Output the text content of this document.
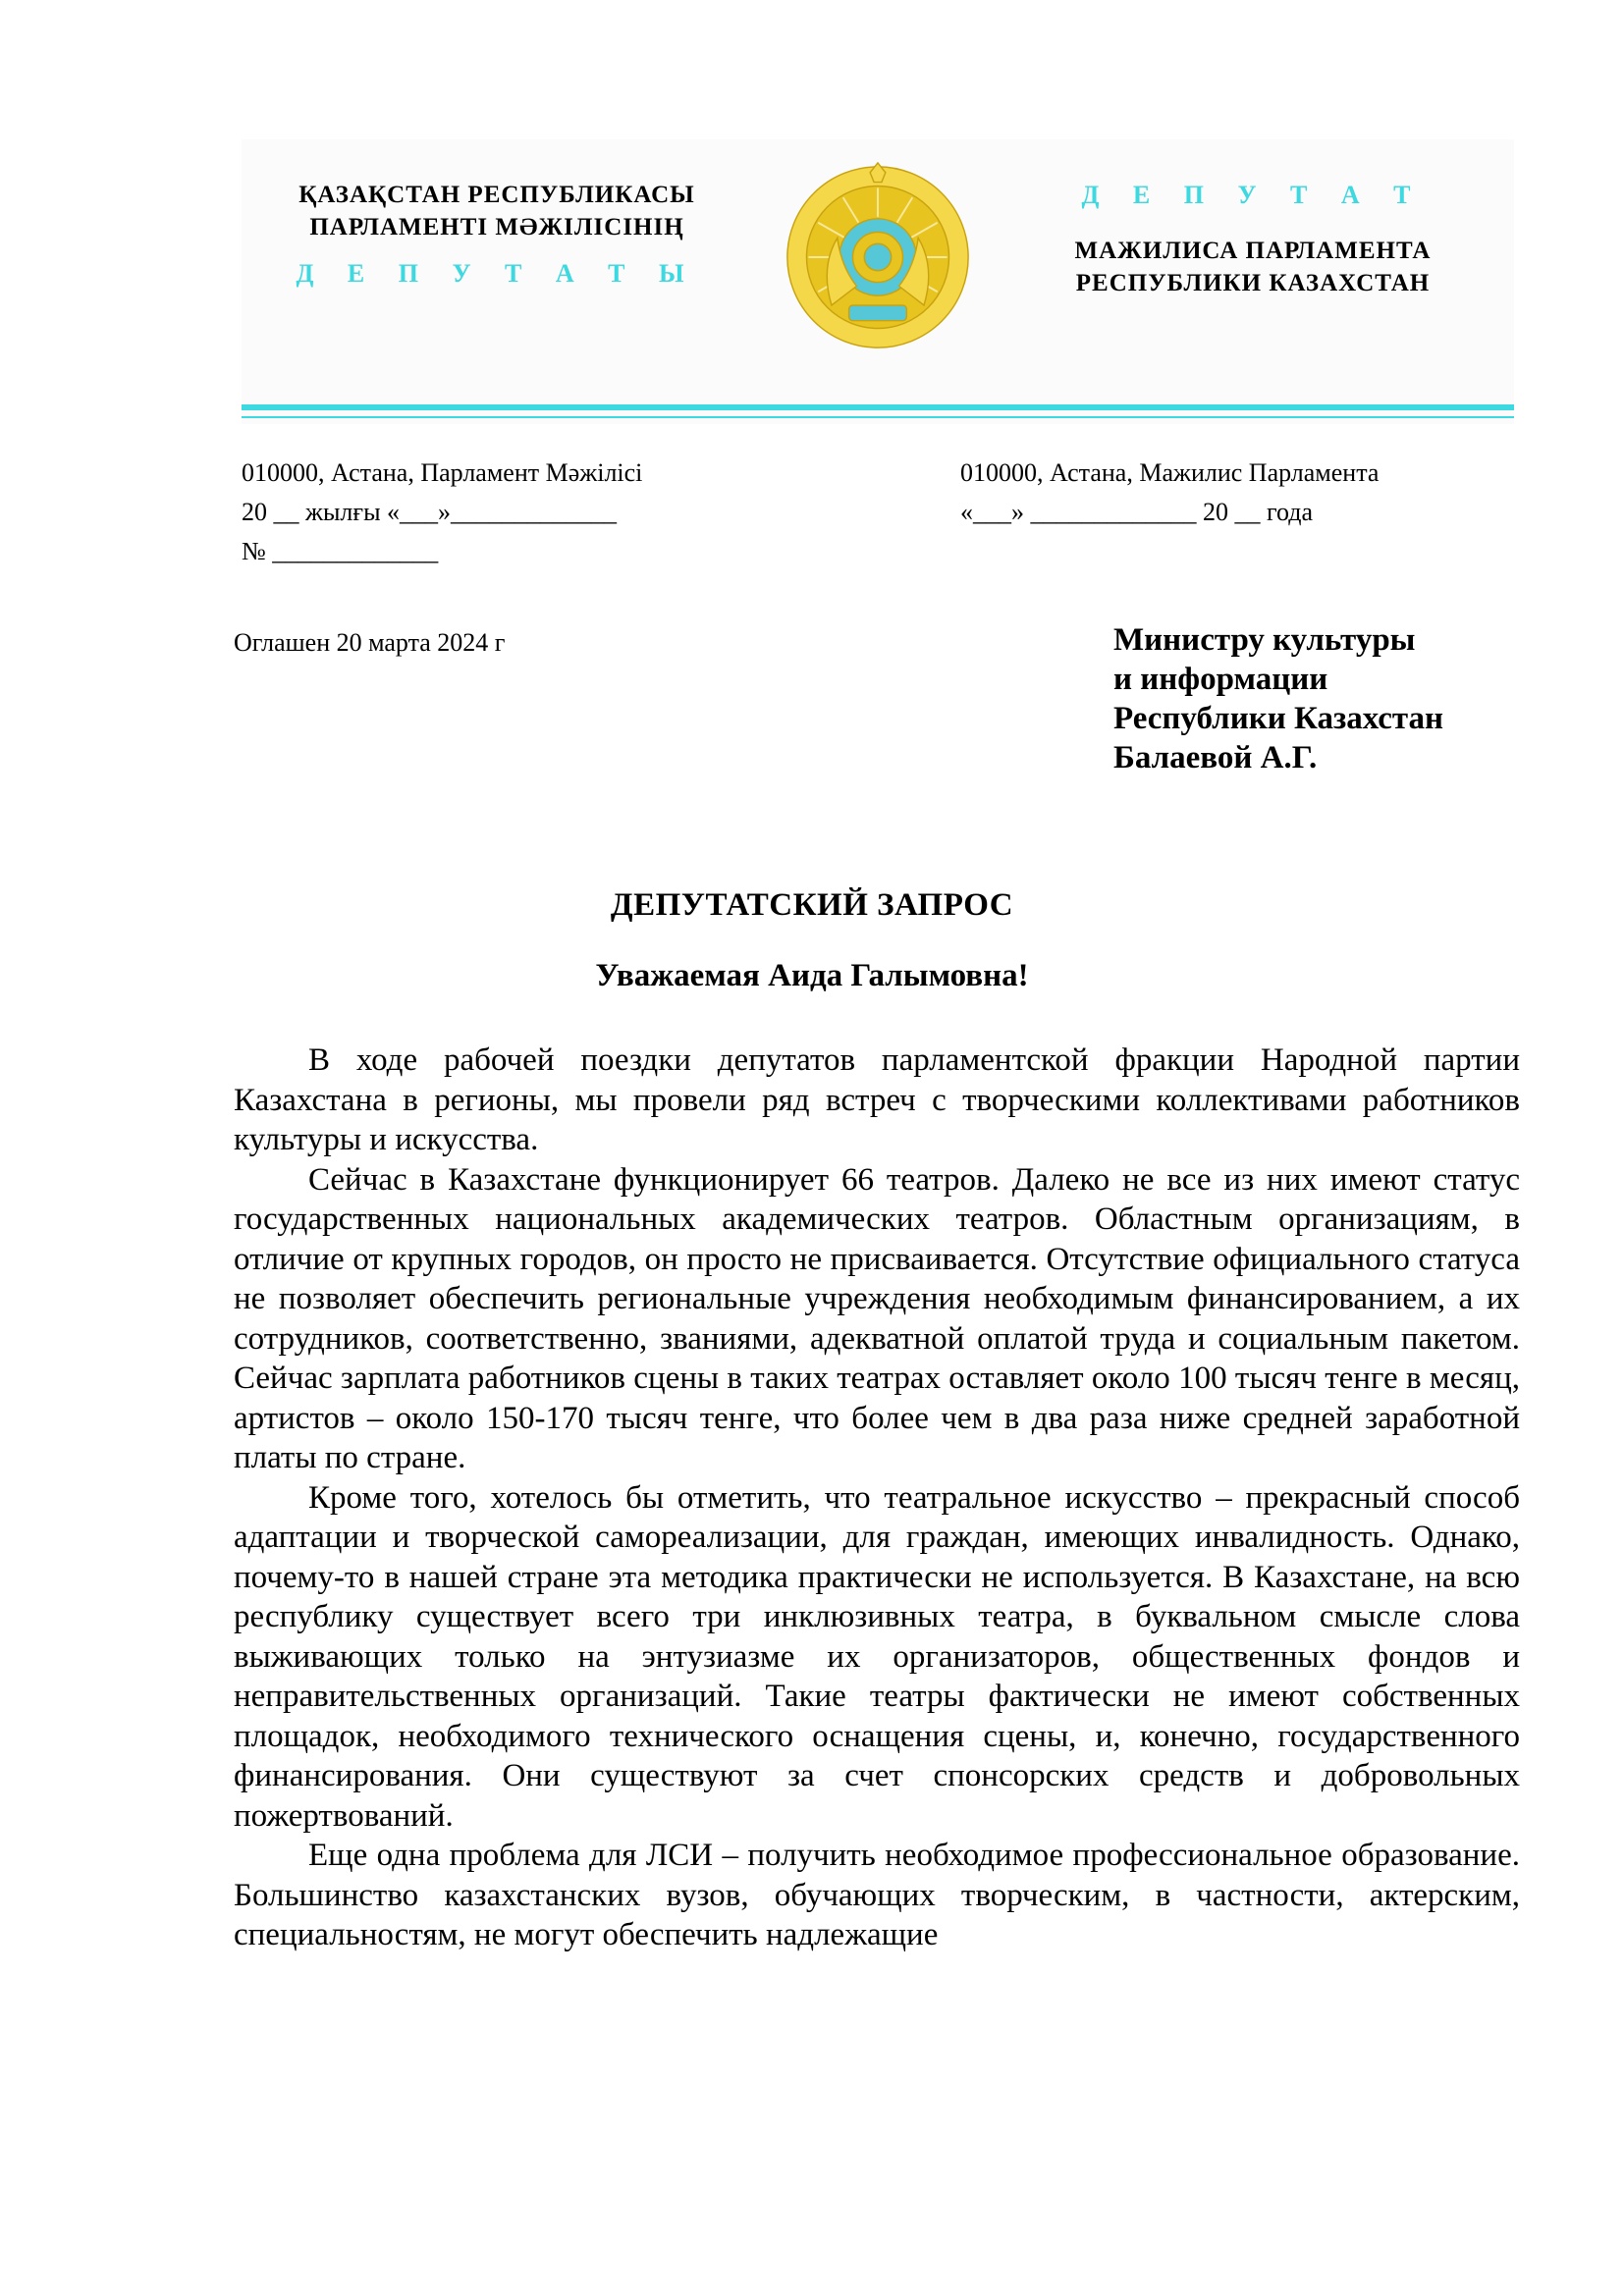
ҚАЗАҚСТАН РЕСПУБЛИКАСЫ
ПАРЛАМЕНТІ МӘЖІЛІСІНІҢ
Д Е П У Т А Т Ы
Д Е П У Т А Т
МАЖИЛИСА ПАРЛАМЕНТА
РЕСПУБЛИКИ КАЗАХСТАН
010000, Астана, Парламент Мәжілісі
20 __ жылғы «___»_____________
№ _____________
010000, Астана, Мажилис Парламента
«___» _____________ 20 __ года
Оглашен 20 марта 2024 г	Министру культуры
и информации
Республики Казахстан
Балаевой А.Г.
ДЕПУТАТСКИЙ ЗАПРОС
Уважаемая Аида Галымовна!

В ходе рабочей поездки депутатов парламентской фракции Народной партии Казахстана в регионы, мы провели ряд встреч с творческими коллективами работников культуры и искусства.

Сейчас в Казахстане функционирует 66 театров. Далеко не все из них имеют статус государственных национальных академических театров. Областным организациям, в отличие от крупных городов, он просто не присваивается. Отсутствие официального статуса не позволяет обеспечить региональные учреждения необходимым финансированием, а их сотрудников, соответственно, званиями, адекватной оплатой труда и социальным пакетом. Сейчас зарплата работников сцены в таких театрах оставляет около 100 тысяч тенге в месяц, артистов – около 150-170 тысяч тенге, что более чем в два раза ниже средней заработной платы по стране.

Кроме того, хотелось бы отметить, что театральное искусство – прекрасный способ адаптации и творческой самореализации, для граждан, имеющих инвалидность. Однако, почему-то в нашей стране эта методика практически не используется. В Казахстане, на всю республику существует всего три инклюзивных театра, в буквальном смысле слова выживающих только на энтузиазме их организаторов, общественных фондов и неправительственных организаций. Такие театры фактически не имеют собственных площадок, необходимого технического оснащения сцены, и, конечно, государственного финансирования. Они существуют за счет спонсорских средств и добровольных пожертвований.

Еще одна проблема для ЛСИ – получить необходимое профессиональное образование. Большинство казахстанских вузов, обучающих творческим, в частности, актерским, специальностям, не могут обеспечить надлежащие
